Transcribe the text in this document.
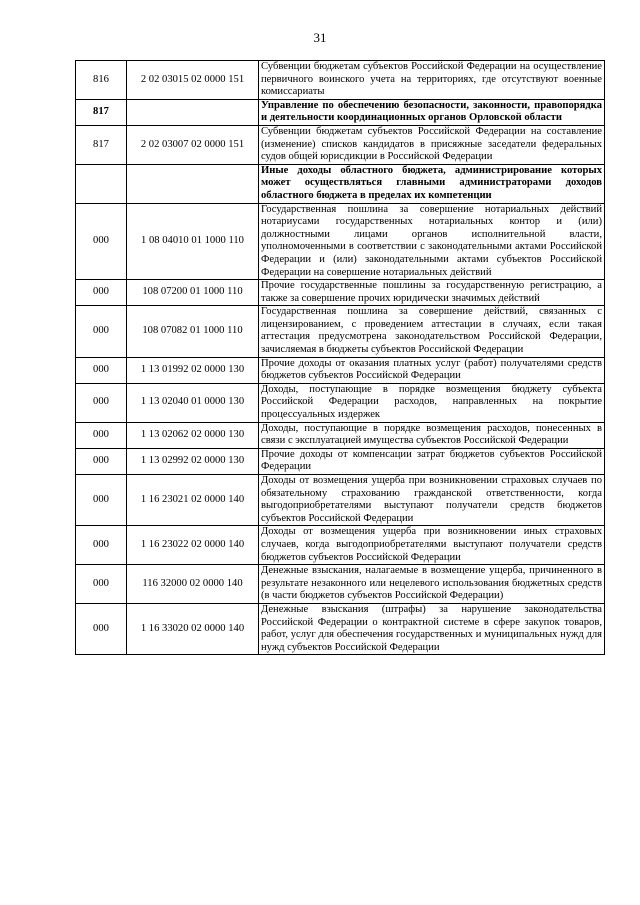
31
816	2 02 03015 02 0000 151	Субвенции бюджетам субъектов Российской Федерации на осуществление первичного воинского учета на территориях, где отсутствуют военные комиссариаты
817		Управление по обеспечению безопасности, законности, правопорядка и деятельности координационных органов Орловской области
817	2 02 03007 02 0000 151	Субвенции бюджетам субъектов Российской Федерации на составление (изменение) списков кандидатов в присяжные заседатели федеральных судов общей юрисдикции в Российской Федерации
		Иные доходы областного бюджета, администрирование которых может осуществляться главными администраторами доходов областного бюджета в пределах их компетенции
000	1 08 04010 01 1000 110	Государственная пошлина за совершение нотариальных действий нотариусами государственных нотариальных контор и (или) должностными лицами органов исполнительной власти, уполномоченными в соответствии с законодательными актами Российской Федерации и (или) законодательными актами субъектов Российской Федерации на совершение нотариальных действий
000	108 07200 01 1000 110	Прочие государственные пошлины за государственную регистрацию, а также за совершение прочих юридически значимых действий
000	108 07082 01 1000 110	Государственная пошлина за совершение действий, связанных с лицензированием, с проведением аттестации в случаях, если такая аттестация предусмотрена законодательством Российской Федерации, зачисляемая в бюджеты субъектов Российской Федерации
000	1 13 01992 02 0000 130	Прочие доходы от оказания платных услуг (работ) получателями средств бюджетов субъектов Российской Федерации
000	1 13 02040 01 0000 130	Доходы, поступающие в порядке возмещения бюджету субъекта Российской Федерации расходов, направленных на покрытие процессуальных издержек
000	1 13 02062 02 0000 130	Доходы, поступающие в порядке возмещения расходов, понесенных в связи с эксплуатацией имущества субъектов Российской Федерации
000	1 13 02992 02 0000 130	Прочие доходы от компенсации затрат бюджетов субъектов Российской Федерации
000	1 16 23021 02 0000 140	Доходы от возмещения ущерба при возникновении страховых случаев по обязательному страхованию гражданской ответственности, когда выгодоприобретателями выступают получатели средств бюджетов субъектов Российской Федерации
000	1 16 23022 02 0000 140	Доходы от возмещения ущерба при возникновении иных страховых случаев, когда выгодоприобретателями выступают получатели средств бюджетов субъектов Российской Федерации
000	116 32000 02 0000 140	Денежные взыскания, налагаемые в возмещение ущерба, причиненного в результате незаконного или нецелевого использования бюджетных средств (в части бюджетов субъектов Российской Федерации)
000	1 16 33020 02 0000 140	Денежные взыскания (штрафы) за нарушение законодательства Российской Федерации о контрактной системе в сфере закупок товаров, работ, услуг для обеспечения государственных и муниципальных нужд для нужд субъектов Российской Федерации
